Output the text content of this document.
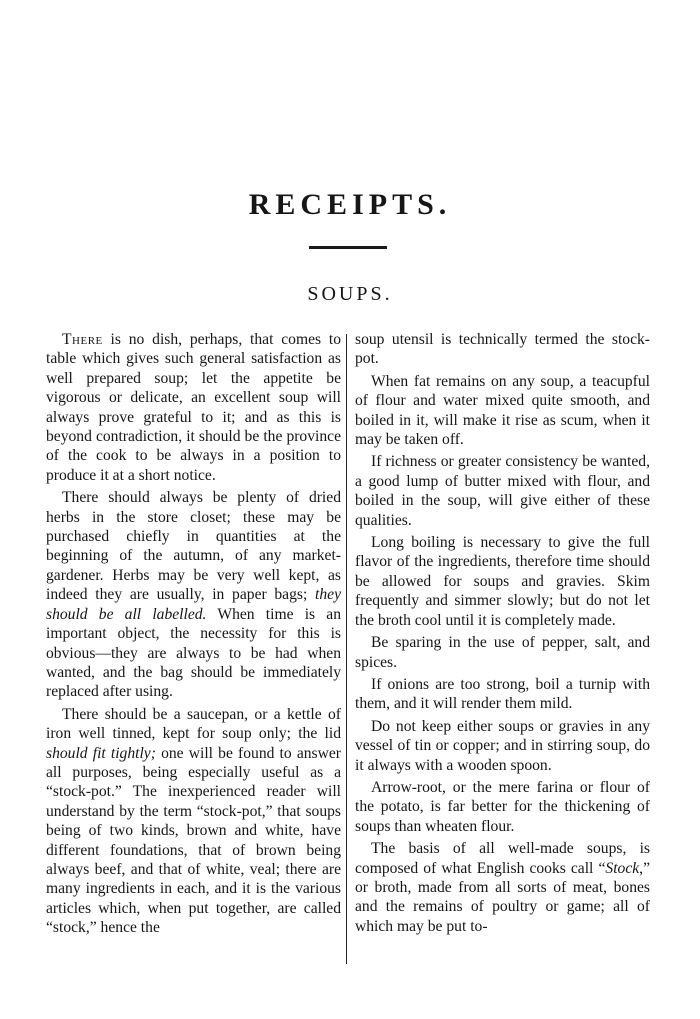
RECEIPTS.
SOUPS.

There is no dish, perhaps, that comes to table which gives such general satisfaction as well prepared soup; let the appetite be vigorous or delicate, an excellent soup will always prove grateful to it; and as this is beyond contradiction, it should be the province of the cook to be always in a position to produce it at a short notice.

There should always be plenty of dried herbs in the store closet; these may be purchased chiefly in quantities at the beginning of the autumn, of any market-gardener. Herbs may be very well kept, as indeed they are usually, in paper bags; they should be all labelled. When time is an important object, the necessity for this is obvious—they are always to be had when wanted, and the bag should be immediately replaced after using.

There should be a saucepan, or a kettle of iron well tinned, kept for soup only; the lid should fit tightly; one will be found to answer all purposes, being especially useful as a “stock-pot.” The inexperienced reader will understand by the term “stock-pot,” that soups being of two kinds, brown and white, have different foundations, that of brown being always beef, and that of white, veal; there are many ingredients in each, and it is the various articles which, when put together, are called “stock,” hence the

soup utensil is technically termed the stock-pot.

When fat remains on any soup, a teacupful of flour and water mixed quite smooth, and boiled in it, will make it rise as scum, when it may be taken off.

If richness or greater consistency be wanted, a good lump of butter mixed with flour, and boiled in the soup, will give either of these qualities.

Long boiling is necessary to give the full flavor of the ingredients, therefore time should be allowed for soups and gravies. Skim frequently and simmer slowly; but do not let the broth cool until it is completely made.

Be sparing in the use of pepper, salt, and spices.

If onions are too strong, boil a turnip with them, and it will render them mild.

Do not keep either soups or gravies in any vessel of tin or copper; and in stirring soup, do it always with a wooden spoon.

Arrow-root, or the mere farina or flour of the potato, is far better for the thickening of soups than wheaten flour.

The basis of all well-made soups, is composed of what English cooks call “Stock,” or broth, made from all sorts of meat, bones and the remains of poultry or game; all of which may be put to-
